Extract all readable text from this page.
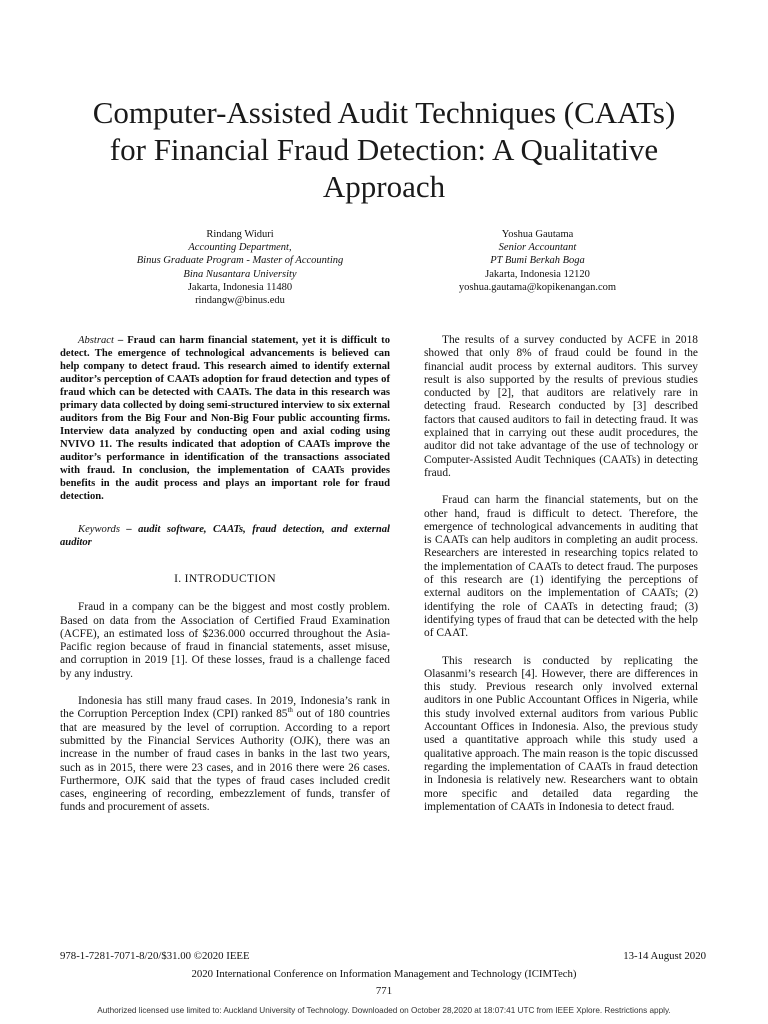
Computer-Assisted Audit Techniques (CAATs)
for Financial Fraud Detection: A Qualitative
Approach
Rindang Widuri
Accounting Department,
Binus Graduate Program - Master of Accounting
Bina Nusantara University
Jakarta, Indonesia 11480
rindangw@binus.edu
Yoshua Gautama
Senior Accountant
PT Bumi Berkah Boga
Jakarta, Indonesia 12120
yoshua.gautama@kopikenangan.com

Abstract – Fraud can harm financial statement, yet it is difficult to detect. The emergence of technological advancements is believed can help company to detect fraud. This research aimed to identify external auditor’s perception of CAATs adoption for fraud detection and types of fraud which can be detected with CAATs. The data in this research was primary data collected by doing semi-structured interview to six external auditors from the Big Four and Non-Big Four public accounting firms. Interview data analyzed by conducting open and axial coding using NVIVO 11. The results indicated that adoption of CAATs improve the auditor’s performance in identification of the transactions associated with fraud. In conclusion, the implementation of CAATs provides benefits in the audit process and plays an important role for fraud detection.

Keywords – audit software, CAATs, fraud detection, and external auditor

I. INTRODUCTION

Fraud in a company can be the biggest and most costly problem. Based on data from the Association of Certified Fraud Examination (ACFE), an estimated loss of $236.000 occurred throughout the Asia-Pacific region because of fraud in financial statements, asset misuse, and corruption in 2019 [1]. Of these losses, fraud is a challenge faced by any industry.

Indonesia has still many fraud cases. In 2019, Indonesia’s rank in the Corruption Perception Index (CPI) ranked 85th out of 180 countries that are measured by the level of corruption. According to a report submitted by the Financial Services Authority (OJK), there was an increase in the number of fraud cases in banks in the last two years, such as in 2015, there were 23 cases, and in 2016 there were 26 cases. Furthermore, OJK said that the types of fraud cases included credit cases, engineering of recording, embezzlement of funds, transfer of funds and procurement of assets.

The results of a survey conducted by ACFE in 2018 showed that only 8% of fraud could be found in the financial audit process by external auditors. This survey result is also supported by the results of previous studies conducted by [2], that auditors are relatively rare in detecting fraud. Research conducted by [3] described factors that caused auditors to fail in detecting fraud. It was explained that in carrying out these audit procedures, the auditor did not take advantage of the use of technology or Computer-Assisted Audit Techniques (CAATs) in detecting fraud.

Fraud can harm the financial statements, but on the other hand, fraud is difficult to detect. Therefore, the emergence of technological advancements in auditing that is CAATs can help auditors in completing an audit process. Researchers are interested in researching topics related to the implementation of CAATs to detect fraud. The purposes of this research are (1) identifying the perceptions of external auditors on the implementation of CAATs; (2) identifying the role of CAATs in detecting fraud; (3) identifying types of fraud that can be detected with the help of CAAT.

This research is conducted by replicating the Olasanmi’s research [4]. However, there are differences in this study. Previous research only involved external auditors in one Public Accountant Offices in Nigeria, while this study involved external auditors from various Public Accountant Offices in Indonesia. Also, the previous study used a quantitative approach while this study used a qualitative approach. The main reason is the topic discussed regarding the implementation of CAATs in fraud detection in Indonesia is relatively new. Researchers want to obtain more specific and detailed data regarding the implementation of CAATs in Indonesia to detect fraud.

978-1-7281-7071-8/20/$31.00 ©2020 IEEE	13-14 August 2020
2020 International Conference on Information Management and Technology (ICIMTech)
771
Authorized licensed use limited to: Auckland University of Technology. Downloaded on October 28,2020 at 18:07:41 UTC from IEEE Xplore. Restrictions apply.
